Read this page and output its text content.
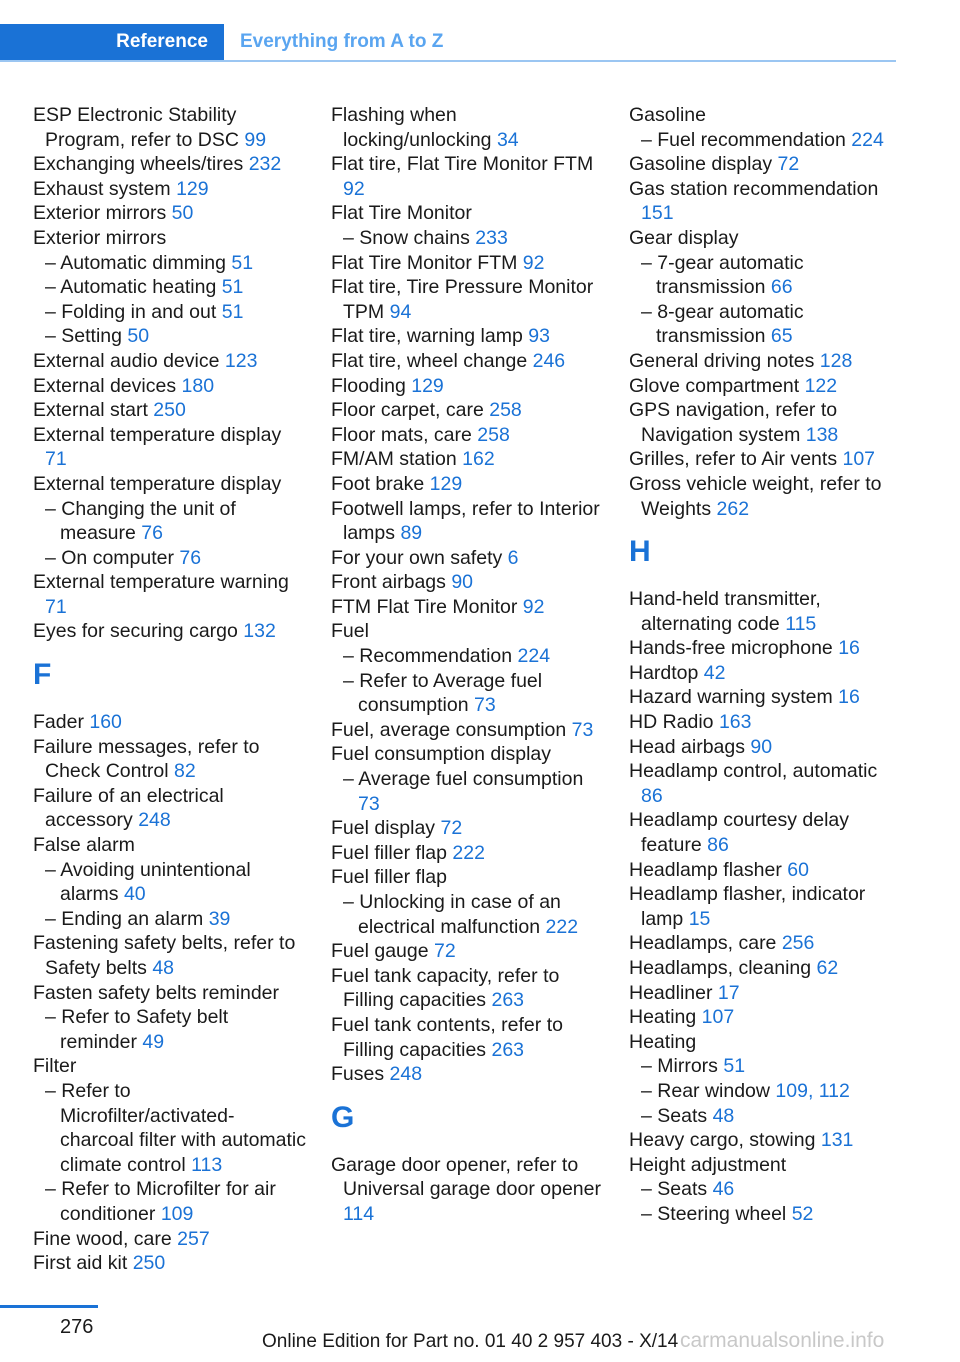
Reference Everything from A to Z
ESP Electronic Stability Program, refer to DSC 99
Exchanging wheels/tires 232
Exhaust system 129
Exterior mirrors 50
Exterior mirrors
– Automatic dimming 51
– Automatic heating 51
– Folding in and out 51
– Setting 50
External audio device 123
External devices 180
External start 250
External temperature display 71
External temperature display
– Changing the unit of measure 76
– On computer 76
External temperature warning 71
Eyes for securing cargo 132
F
Fader 160
Failure messages, refer to Check Control 82
Failure of an electrical accessory 248
False alarm
– Avoiding unintentional alarms 40
– Ending an alarm 39
Fastening safety belts, refer to Safety belts 48
Fasten safety belts reminder
– Refer to Safety belt reminder 49
Filter
– Refer to Microfilter/activated-charcoal filter with automatic climate control 113
– Refer to Microfilter for air conditioner 109
Fine wood, care 257
First aid kit 250
Flashing when locking/unlocking 34
Flat tire, Flat Tire Monitor FTM 92
Flat Tire Monitor
– Snow chains 233
Flat Tire Monitor FTM 92
Flat tire, Tire Pressure Monitor TPM 94
Flat tire, warning lamp 93
Flat tire, wheel change 246
Flooding 129
Floor carpet, care 258
Floor mats, care 258
FM/AM station 162
Foot brake 129
Footwell lamps, refer to Interior lamps 89
For your own safety 6
Front airbags 90
FTM Flat Tire Monitor 92
Fuel
– Recommendation 224
– Refer to Average fuel consumption 73
Fuel, average consumption 73
Fuel consumption display
– Average fuel consumption 73
Fuel display 72
Fuel filler flap 222
Fuel filler flap
– Unlocking in case of an electrical malfunction 222
Fuel gauge 72
Fuel tank capacity, refer to Filling capacities 263
Fuel tank contents, refer to Filling capacities 263
Fuses 248
G
Garage door opener, refer to Universal garage door opener 114
Gasoline
– Fuel recommendation 224
Gasoline display 72
Gas station recommendation 151
Gear display
– 7-gear automatic transmission 66
– 8-gear automatic transmission 65
General driving notes 128
Glove compartment 122
GPS navigation, refer to Navigation system 138
Grilles, refer to Air vents 107
Gross vehicle weight, refer to Weights 262
H
Hand-held transmitter, alternating code 115
Hands-free microphone 16
Hardtop 42
Hazard warning system 16
HD Radio 163
Head airbags 90
Headlamp control, automatic 86
Headlamp courtesy delay feature 86
Headlamp flasher 60
Headlamp flasher, indicator lamp 15
Headlamps, care 256
Headlamps, cleaning 62
Headliner 17
Heating 107
Heating
– Mirrors 51
– Rear window 109, 112
– Seats 48
Heavy cargo, stowing 131
Height adjustment
– Seats 46
– Steering wheel 52
276
Online Edition for Part no. 01 40 2 957 403 - X/14 carmanualsonline.info
